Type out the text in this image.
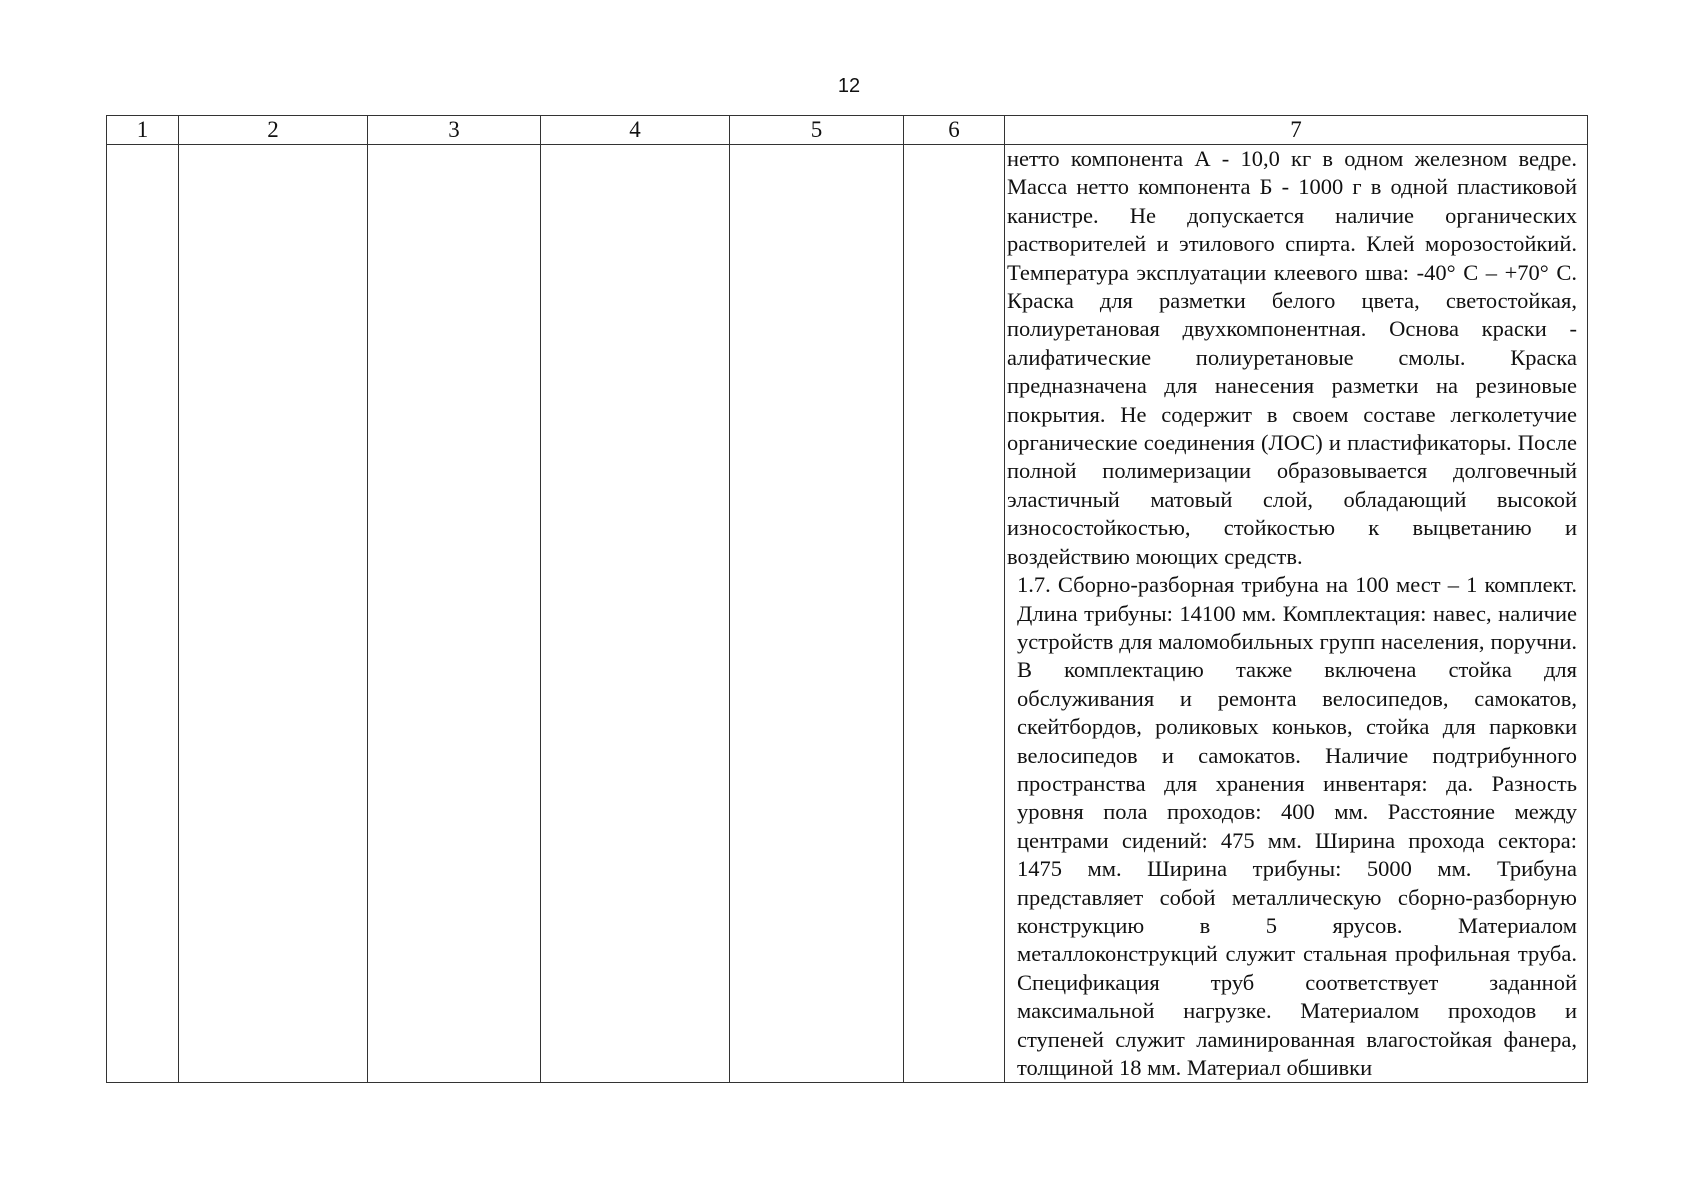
12
1	2	3	4	5	6	7

						нетто компонента А - 10,0 кг в одном железном ведре. Масса нетто компонента Б - 1000 г в одной пластиковой канистре. Не допускается наличие органических растворителей и этилового спирта. Клей морозостойкий. Температура эксплуатации клеевого шва: -40° С – +70° С. Краска для разметки белого цвета, светостойкая, полиуретановая двухкомпонентная. Основа краски - алифатические полиуретановые смолы. Краска предназначена для нанесения разметки на резиновые покрытия. Не содержит в своем составе легколетучие органические соединения (ЛОС) и пластификаторы. После полной полимеризации образовывается долговечный эластичный матовый слой, обладающий высокой износостойкостью, стойкостью к выцветанию и воздействию моющих средств.

1.7. Сборно-разборная трибуна на 100 мест – 1 комплект. Длина трибуны: 14100 мм. Комплектация: навес, наличие устройств для маломобильных групп населения, поручни. В комплектацию также включена стойка для обслуживания и ремонта велосипедов, самокатов, скейтбордов, роликовых коньков, стойка для парковки велосипедов и самокатов. Наличие подтрибунного пространства для хранения инвентаря: да. Разность уровня пола проходов: 400 мм. Расстояние между центрами сидений: 475 мм. Ширина прохода сектора: 1475 мм. Ширина трибуны: 5000 мм. Трибуна представляет собой металлическую сборно-разборную конструкцию в 5 ярусов. Материалом металлоконструкций служит стальная профильная труба. Спецификация труб соответствует заданной максимальной нагрузке. Материалом проходов и ступеней служит ламинированная влагостойкая фанера, толщиной 18 мм. Материал обшивки
